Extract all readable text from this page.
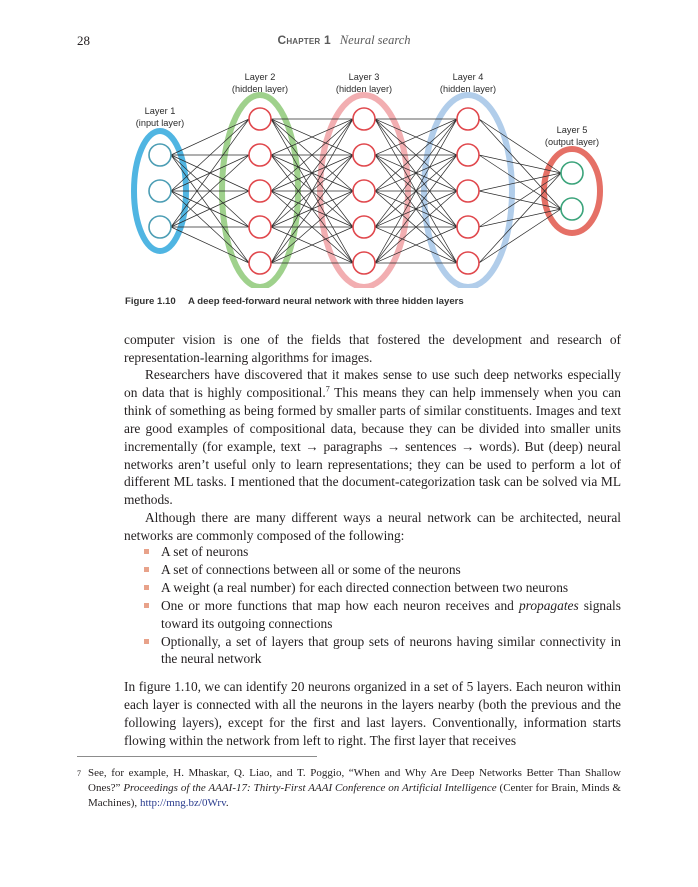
28	Chapter 1 Neural search
Layer 1
(input layer)
Layer 2
(hidden layer)
Layer 3
(hidden layer)
Layer 4
(hidden layer)
Layer 5
(output layer)
Figure 1.10 A deep feed-forward neural network with three hidden layers

computer vision is one of the fields that fostered the development and research of representation-learning algorithms for images.

Researchers have discovered that it makes sense to use such deep networks especially on data that is highly compositional.$^7$ This means they can help immensely when you can think of something as being formed by smaller parts of similar constituents. Images and text are good examples of compositional data, because they can be divided into smaller units incrementally (for example, text → paragraphs → sentences → words). But (deep) neural networks aren’t useful only to learn representations; they can be used to perform a lot of different ML tasks. I mentioned that the document-categorization task can be solved via ML methods.

Although there are many different ways a neural network can be architected, neural networks are commonly composed of the following:

A set of neurons
A set of connections between all or some of the neurons
A weight (a real number) for each directed connection between two neurons
One or more functions that map how each neuron receives and propagates signals toward its outgoing connections
Optionally, a set of layers that group sets of neurons having similar connectivity in the neural network

In figure 1.10, we can identify 20 neurons organized in a set of 5 layers. Each neuron within each layer is connected with all the neurons in the layers nearby (both the previous and the following layers), except for the first and last layers. Conventionally, information starts flowing within the network from left to right. The first layer that receives

7 See, for example, H. Mhaskar, Q. Liao, and T. Poggio, “When and Why Are Deep Networks Better Than Shallow Ones?” Proceedings of the AAAI-17: Thirty-First AAAI Conference on Artificial Intelligence (Center for Brain, Minds & Machines), http://mng.bz/0Wrv.
